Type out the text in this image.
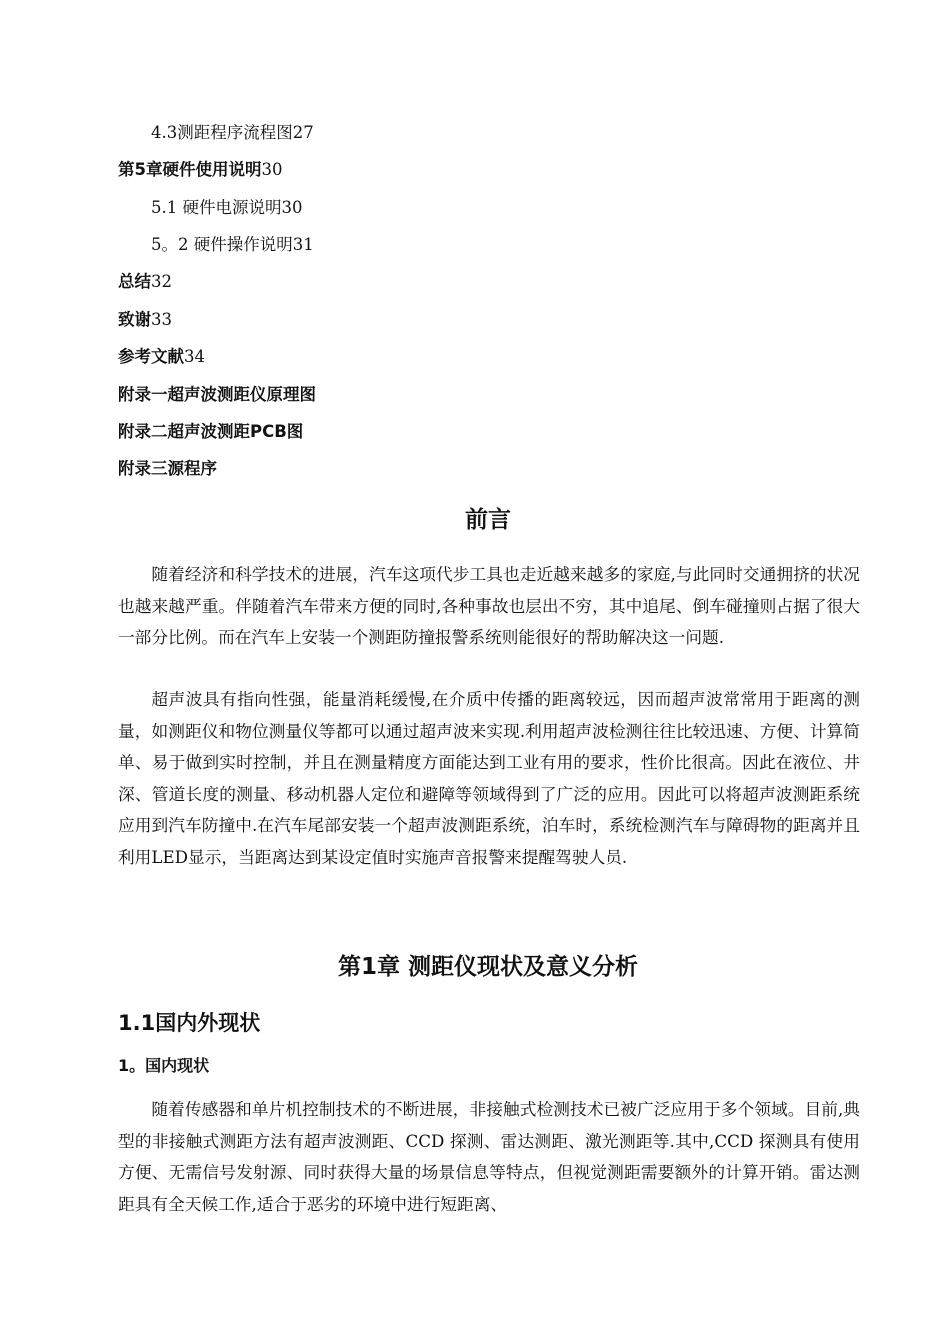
4.3测距程序流程图27
第5章硬件使用说明30
5.1 硬件电源说明30
5。2 硬件操作说明31
总结32
致谢33
参考文献34
附录一超声波测距仪原理图
附录二超声波测距PCB图
附录三源程序
前言

随着经济和科学技术的进展，汽车这项代步工具也走近越来越多的家庭,与此同时交通拥挤的状况也越来越严重。伴随着汽车带来方便的同时,各种事故也层出不穷，其中追尾、倒车碰撞则占据了很大一部分比例。而在汽车上安装一个测距防撞报警系统则能很好的帮助解决这一问题.

超声波具有指向性强，能量消耗缓慢,在介质中传播的距离较远，因而超声波常常用于距离的测量，如测距仪和物位测量仪等都可以通过超声波来实现.利用超声波检测往往比较迅速、方便、计算简单、易于做到实时控制，并且在测量精度方面能达到工业有用的要求，性价比很高。因此在液位、井深、管道长度的测量、移动机器人定位和避障等领域得到了广泛的应用。因此可以将超声波测距系统应用到汽车防撞中.在汽车尾部安装一个超声波测距系统，泊车时，系统检测汽车与障碍物的距离并且利用LED显示，当距离达到某设定值时实施声音报警来提醒驾驶人员.

第1章 测距仪现状及意义分析
1.1国内外现状
1。国内现状

随着传感器和单片机控制技术的不断进展，非接触式检测技术已被广泛应用于多个领域。目前,典型的非接触式测距方法有超声波测距、CCD 探测、雷达测距、激光测距等.其中,CCD 探测具有使用方便、无需信号发射源、同时获得大量的场景信息等特点，但视觉测距需要额外的计算开销。雷达测距具有全天候工作,适合于恶劣的环境中进行短距离、
